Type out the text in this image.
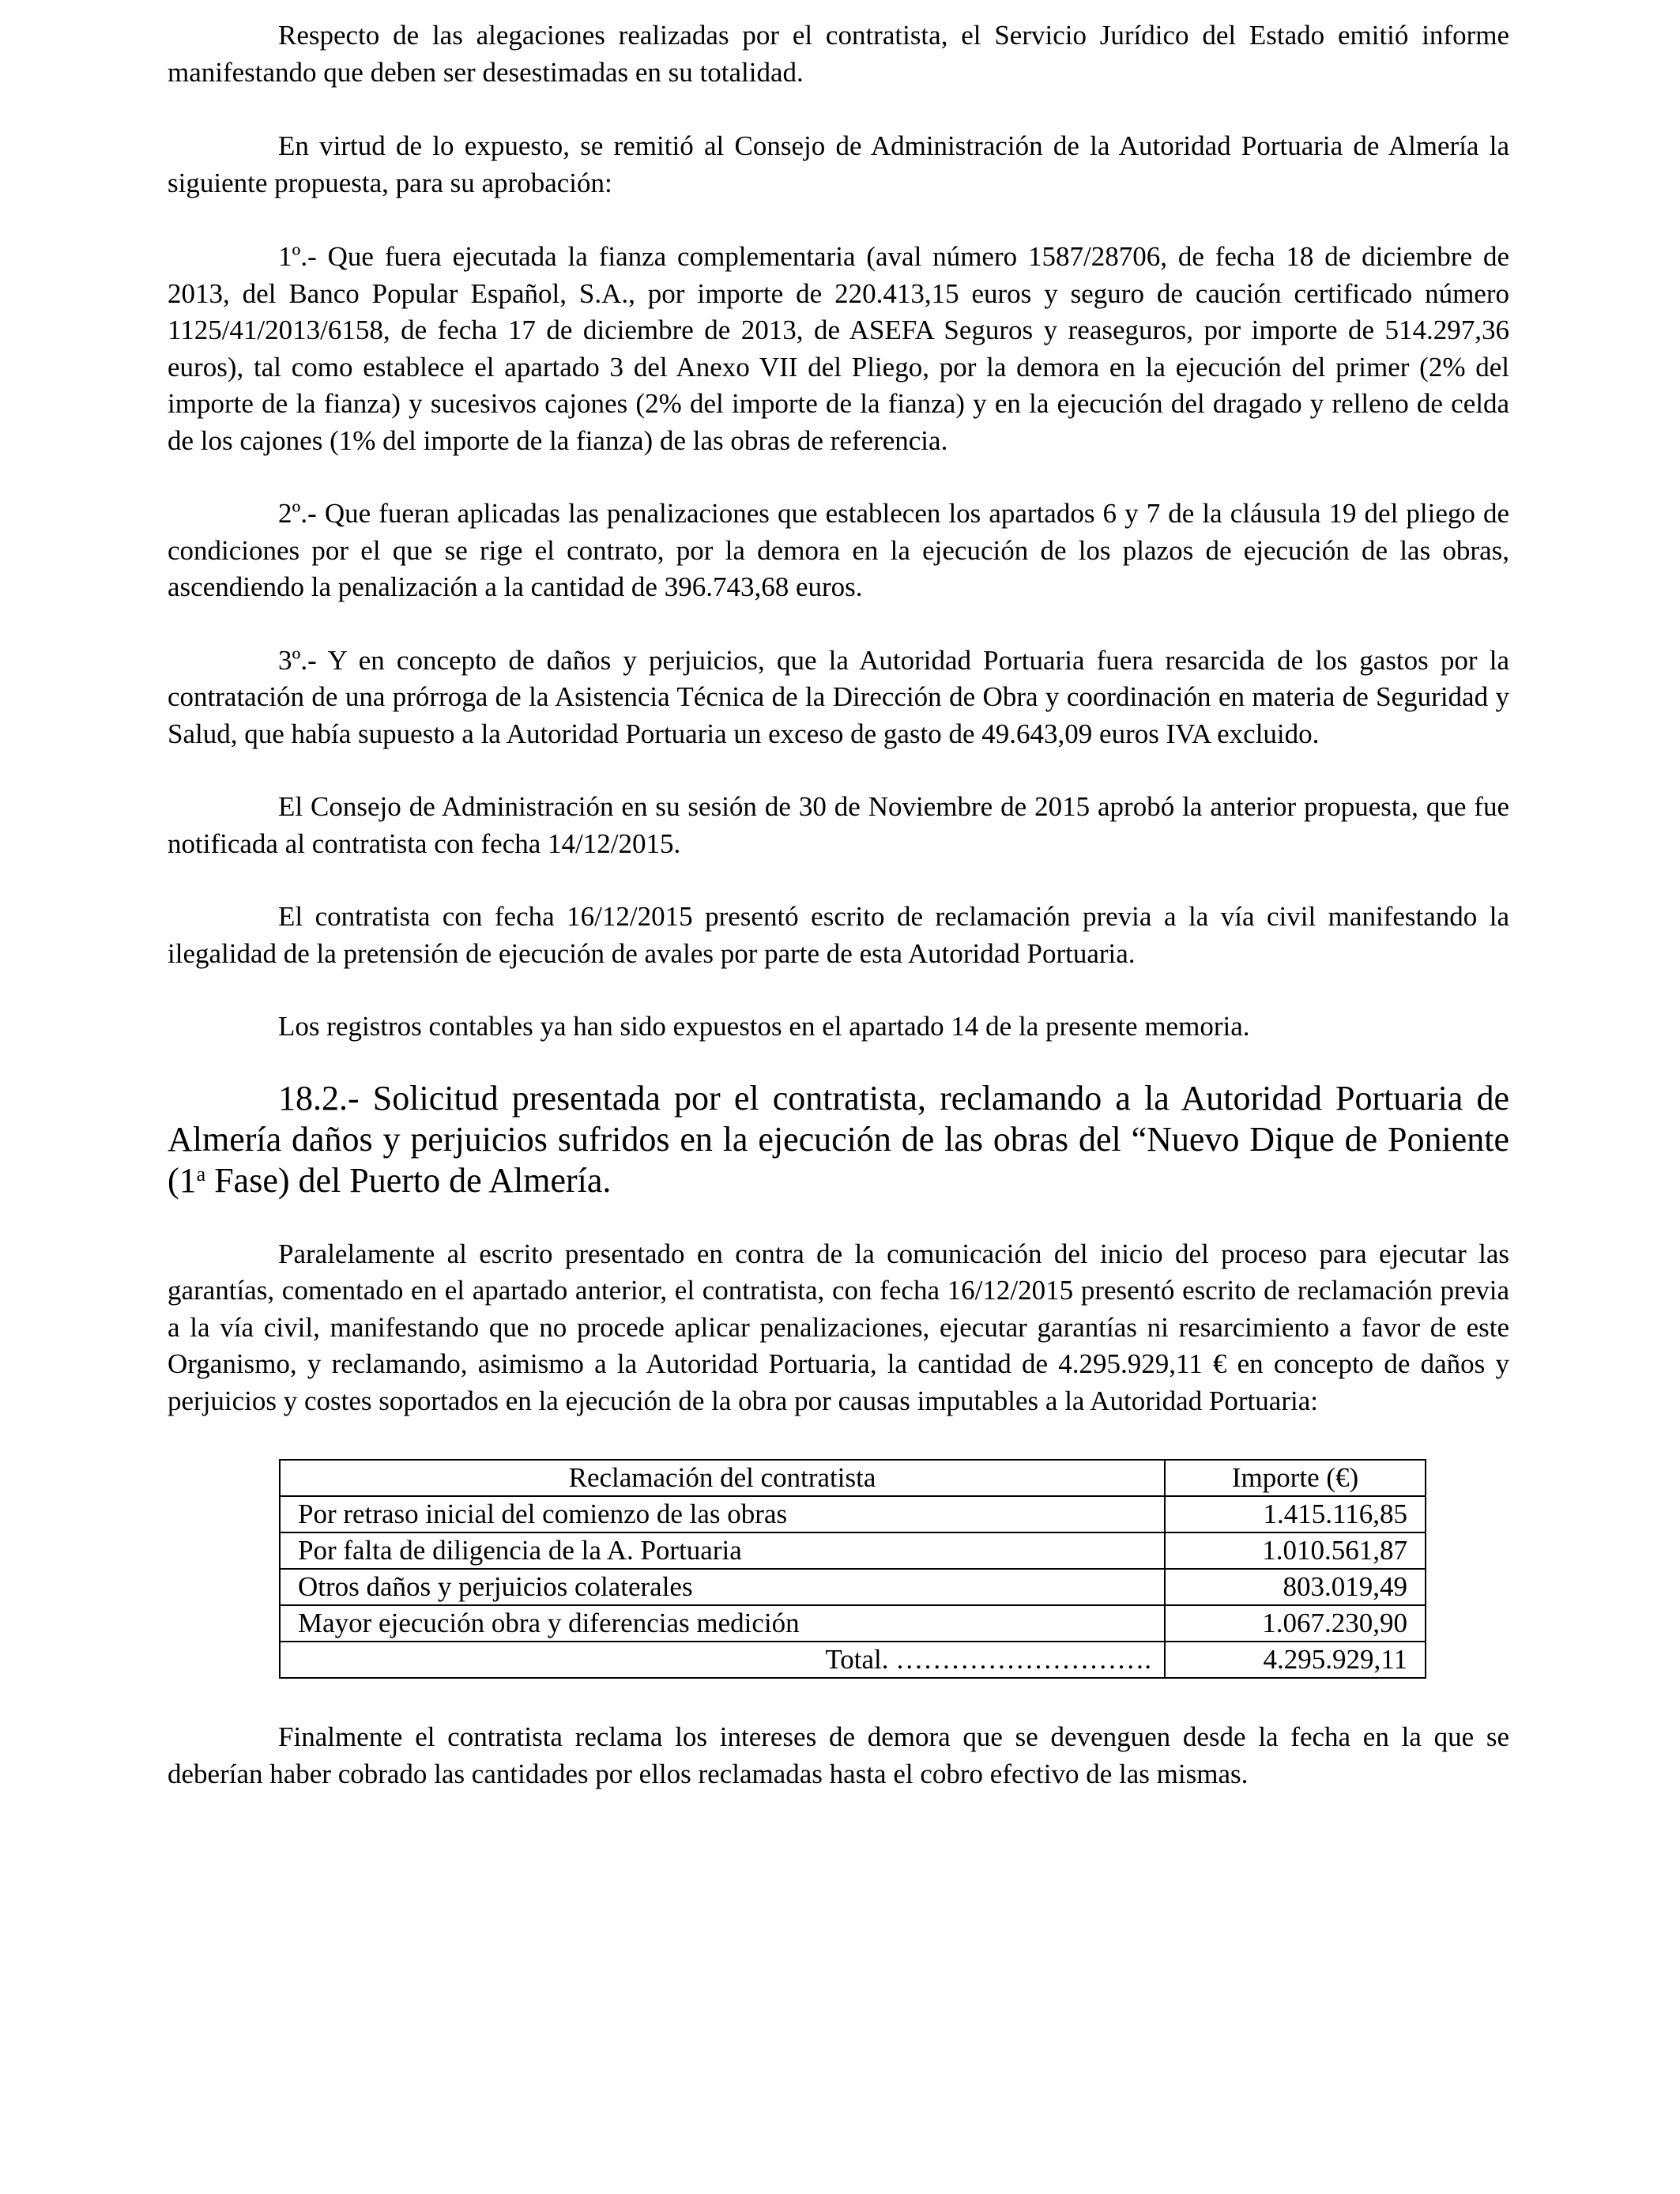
Respecto de las alegaciones realizadas por el contratista, el Servicio Jurídico del Estado emitió informe manifestando que deben ser desestimadas en su totalidad.

En virtud de lo expuesto, se remitió al Consejo de Administración de la Autoridad Portuaria de Almería la siguiente propuesta, para su aprobación:

1º.- Que fuera ejecutada la fianza complementaria (aval número 1587/28706, de fecha 18 de diciembre de 2013, del Banco Popular Español, S.A., por importe de 220.413,15 euros y seguro de caución certificado número 1125/41/2013/6158, de fecha 17 de diciembre de 2013, de ASEFA Seguros y reaseguros, por importe de 514.297,36 euros), tal como establece el apartado 3 del Anexo VII del Pliego, por la demora en la ejecución del primer (2% del importe de la fianza) y sucesivos cajones (2% del importe de la fianza) y en la ejecución del dragado y relleno de celda de los cajones (1% del importe de la fianza) de las obras de referencia.

2º.- Que fueran aplicadas las penalizaciones que establecen los apartados 6 y 7 de la cláusula 19 del pliego de condiciones por el que se rige el contrato, por la demora en la ejecución de los plazos de ejecución de las obras, ascendiendo la penalización a la cantidad de 396.743,68 euros.

3º.- Y en concepto de daños y perjuicios, que la Autoridad Portuaria fuera resarcida de los gastos por la contratación de una prórroga de la Asistencia Técnica de la Dirección de Obra y coordinación en materia de Seguridad y Salud, que había supuesto a la Autoridad Portuaria un exceso de gasto de 49.643,09 euros IVA excluido.

El Consejo de Administración en su sesión de 30 de Noviembre de 2015 aprobó la anterior propuesta, que fue notificada al contratista con fecha 14/12/2015.

El contratista con fecha 16/12/2015 presentó escrito de reclamación previa a la vía civil manifestando la ilegalidad de la pretensión de ejecución de avales por parte de esta Autoridad Portuaria.

Los registros contables ya han sido expuestos en el apartado 14 de la presente memoria.

18.2.- Solicitud presentada por el contratista, reclamando a la Autoridad Portuaria de Almería daños y perjuicios sufridos en la ejecución de las obras del “Nuevo Dique de Poniente (1$^a$ Fase) del Puerto de Almería.

Paralelamente al escrito presentado en contra de la comunicación del inicio del proceso para ejecutar las garantías, comentado en el apartado anterior, el contratista, con fecha 16/12/2015 presentó escrito de reclamación previa a la vía civil, manifestando que no procede aplicar penalizaciones, ejecutar garantías ni resarcimiento a favor de este Organismo, y reclamando, asimismo a la Autoridad Portuaria, la cantidad de 4.295.929,11 € en concepto de daños y perjuicios y costes soportados en la ejecución de la obra por causas imputables a la Autoridad Portuaria:

Reclamación del contratista	Importe (€)
Por retraso inicial del comienzo de las obras	1.415.116,85
Por falta de diligencia de la A. Portuaria	1.010.561,87
Otros daños y perjuicios colaterales	803.019,49
Mayor ejecución obra y diferencias medición	1.067.230,90
Total. ……………………….	4.295.929,11

Finalmente el contratista reclama los intereses de demora que se devenguen desde la fecha en la que se deberían haber cobrado las cantidades por ellos reclamadas hasta el cobro efectivo de las mismas.
